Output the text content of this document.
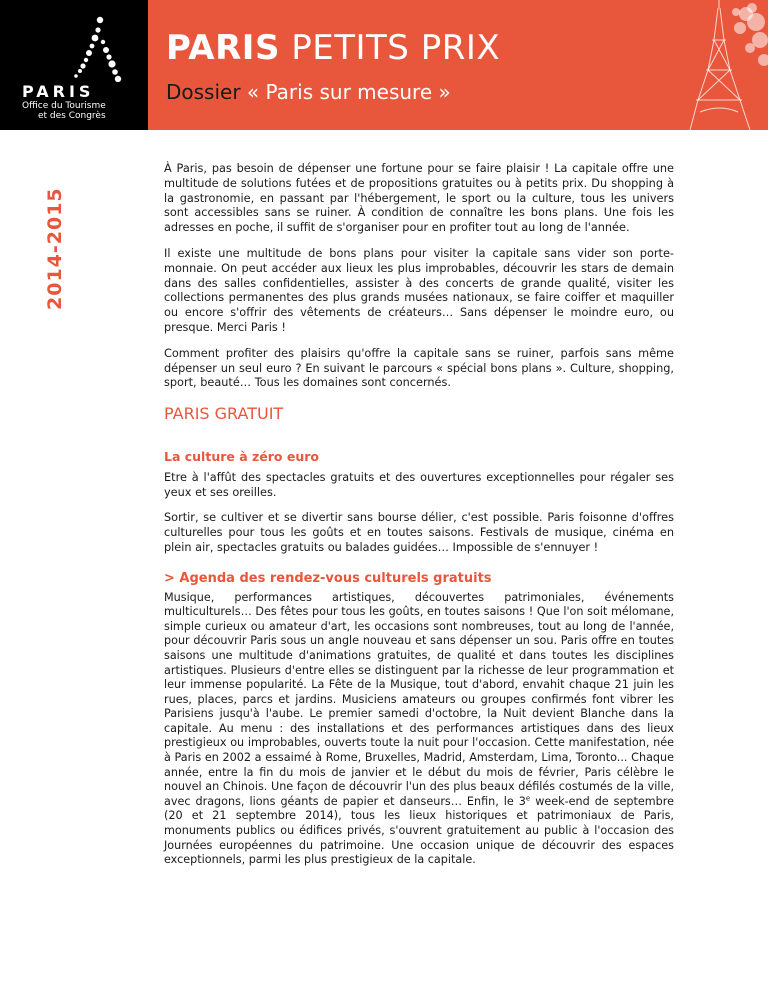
PARIS
Office du Tourisme
et des Congrès
PARIS PETITS PRIX
Dossier « Paris sur mesure »
2014-2015

À Paris, pas besoin de dépenser une fortune pour se faire plaisir ! La capitale offre une multitude de solutions futées et de propositions gratuites ou à petits prix. Du shopping à la gastronomie, en passant par l'hébergement, le sport ou la culture, tous les univers sont accessibles sans se ruiner. À condition de connaître les bons plans. Une fois les adresses en poche, il suffit de s'organiser pour en profiter tout au long de l'année.

Il existe une multitude de bons plans pour visiter la capitale sans vider son porte-monnaie. On peut accéder aux lieux les plus improbables, découvrir les stars de demain dans des salles confidentielles, assister à des concerts de grande qualité, visiter les collections permanentes des plus grands musées nationaux, se faire coiffer et maquiller ou encore s'offrir des vêtements de créateurs… Sans dépenser le moindre euro, ou presque. Merci Paris !

Comment profiter des plaisirs qu'offre la capitale sans se ruiner, parfois sans même dépenser un seul euro ? En suivant le parcours « spécial bons plans ». Culture, shopping, sport, beauté… Tous les domaines sont concernés.

PARIS GRATUIT
La culture à zéro euro

Etre à l'affût des spectacles gratuits et des ouvertures exceptionnelles pour régaler ses yeux et ses oreilles.

Sortir, se cultiver et se divertir sans bourse délier, c'est possible. Paris foisonne d'offres culturelles pour tous les goûts et en toutes saisons. Festivals de musique, cinéma en plein air, spectacles gratuits ou balades guidées… Impossible de s'ennuyer !

> Agenda des rendez-vous culturels gratuits
Musique, performances artistiques, découvertes patrimoniales, événements
multiculturels… Des fêtes pour tous les goûts, en toutes saisons ! Que l'on soit mélomane, simple curieux ou amateur d'art, les occasions sont nombreuses, tout au long de l'année, pour découvrir Paris sous un angle nouveau et sans dépenser un sou. Paris offre en toutes saisons une multitude d'animations gratuites, de qualité et dans toutes les disciplines artistiques. Plusieurs d'entre elles se distinguent par la richesse de leur programmation et leur immense popularité. La Fête de la Musique, tout d'abord, envahit chaque 21 juin les rues, places, parcs et jardins. Musiciens amateurs ou groupes confirmés font vibrer les Parisiens jusqu'à l'aube. Le premier samedi d'octobre, la Nuit devient Blanche dans la capitale. Au menu : des installations et des performances artistiques dans des lieux prestigieux ou improbables, ouverts toute la nuit pour l'occasion. Cette manifestation, née à Paris en 2002 a essaimé à Rome, Bruxelles, Madrid, Amsterdam, Lima, Toronto... Chaque année, entre la fin du mois de janvier et le début du mois de février, Paris célèbre le nouvel an Chinois. Une façon de découvrir l'un des plus beaux défilés costumés de la ville, avec dragons, lions géants de papier et danseurs… Enfin, le 3e week-end de septembre (20 et 21 septembre 2014), tous les lieux historiques et patrimoniaux de Paris, monuments publics ou édifices privés, s'ouvrent gratuitement au public à l'occasion des Journées européennes du patrimoine. Une occasion unique de découvrir des espaces exceptionnels, parmi les plus prestigieux de la capitale.
